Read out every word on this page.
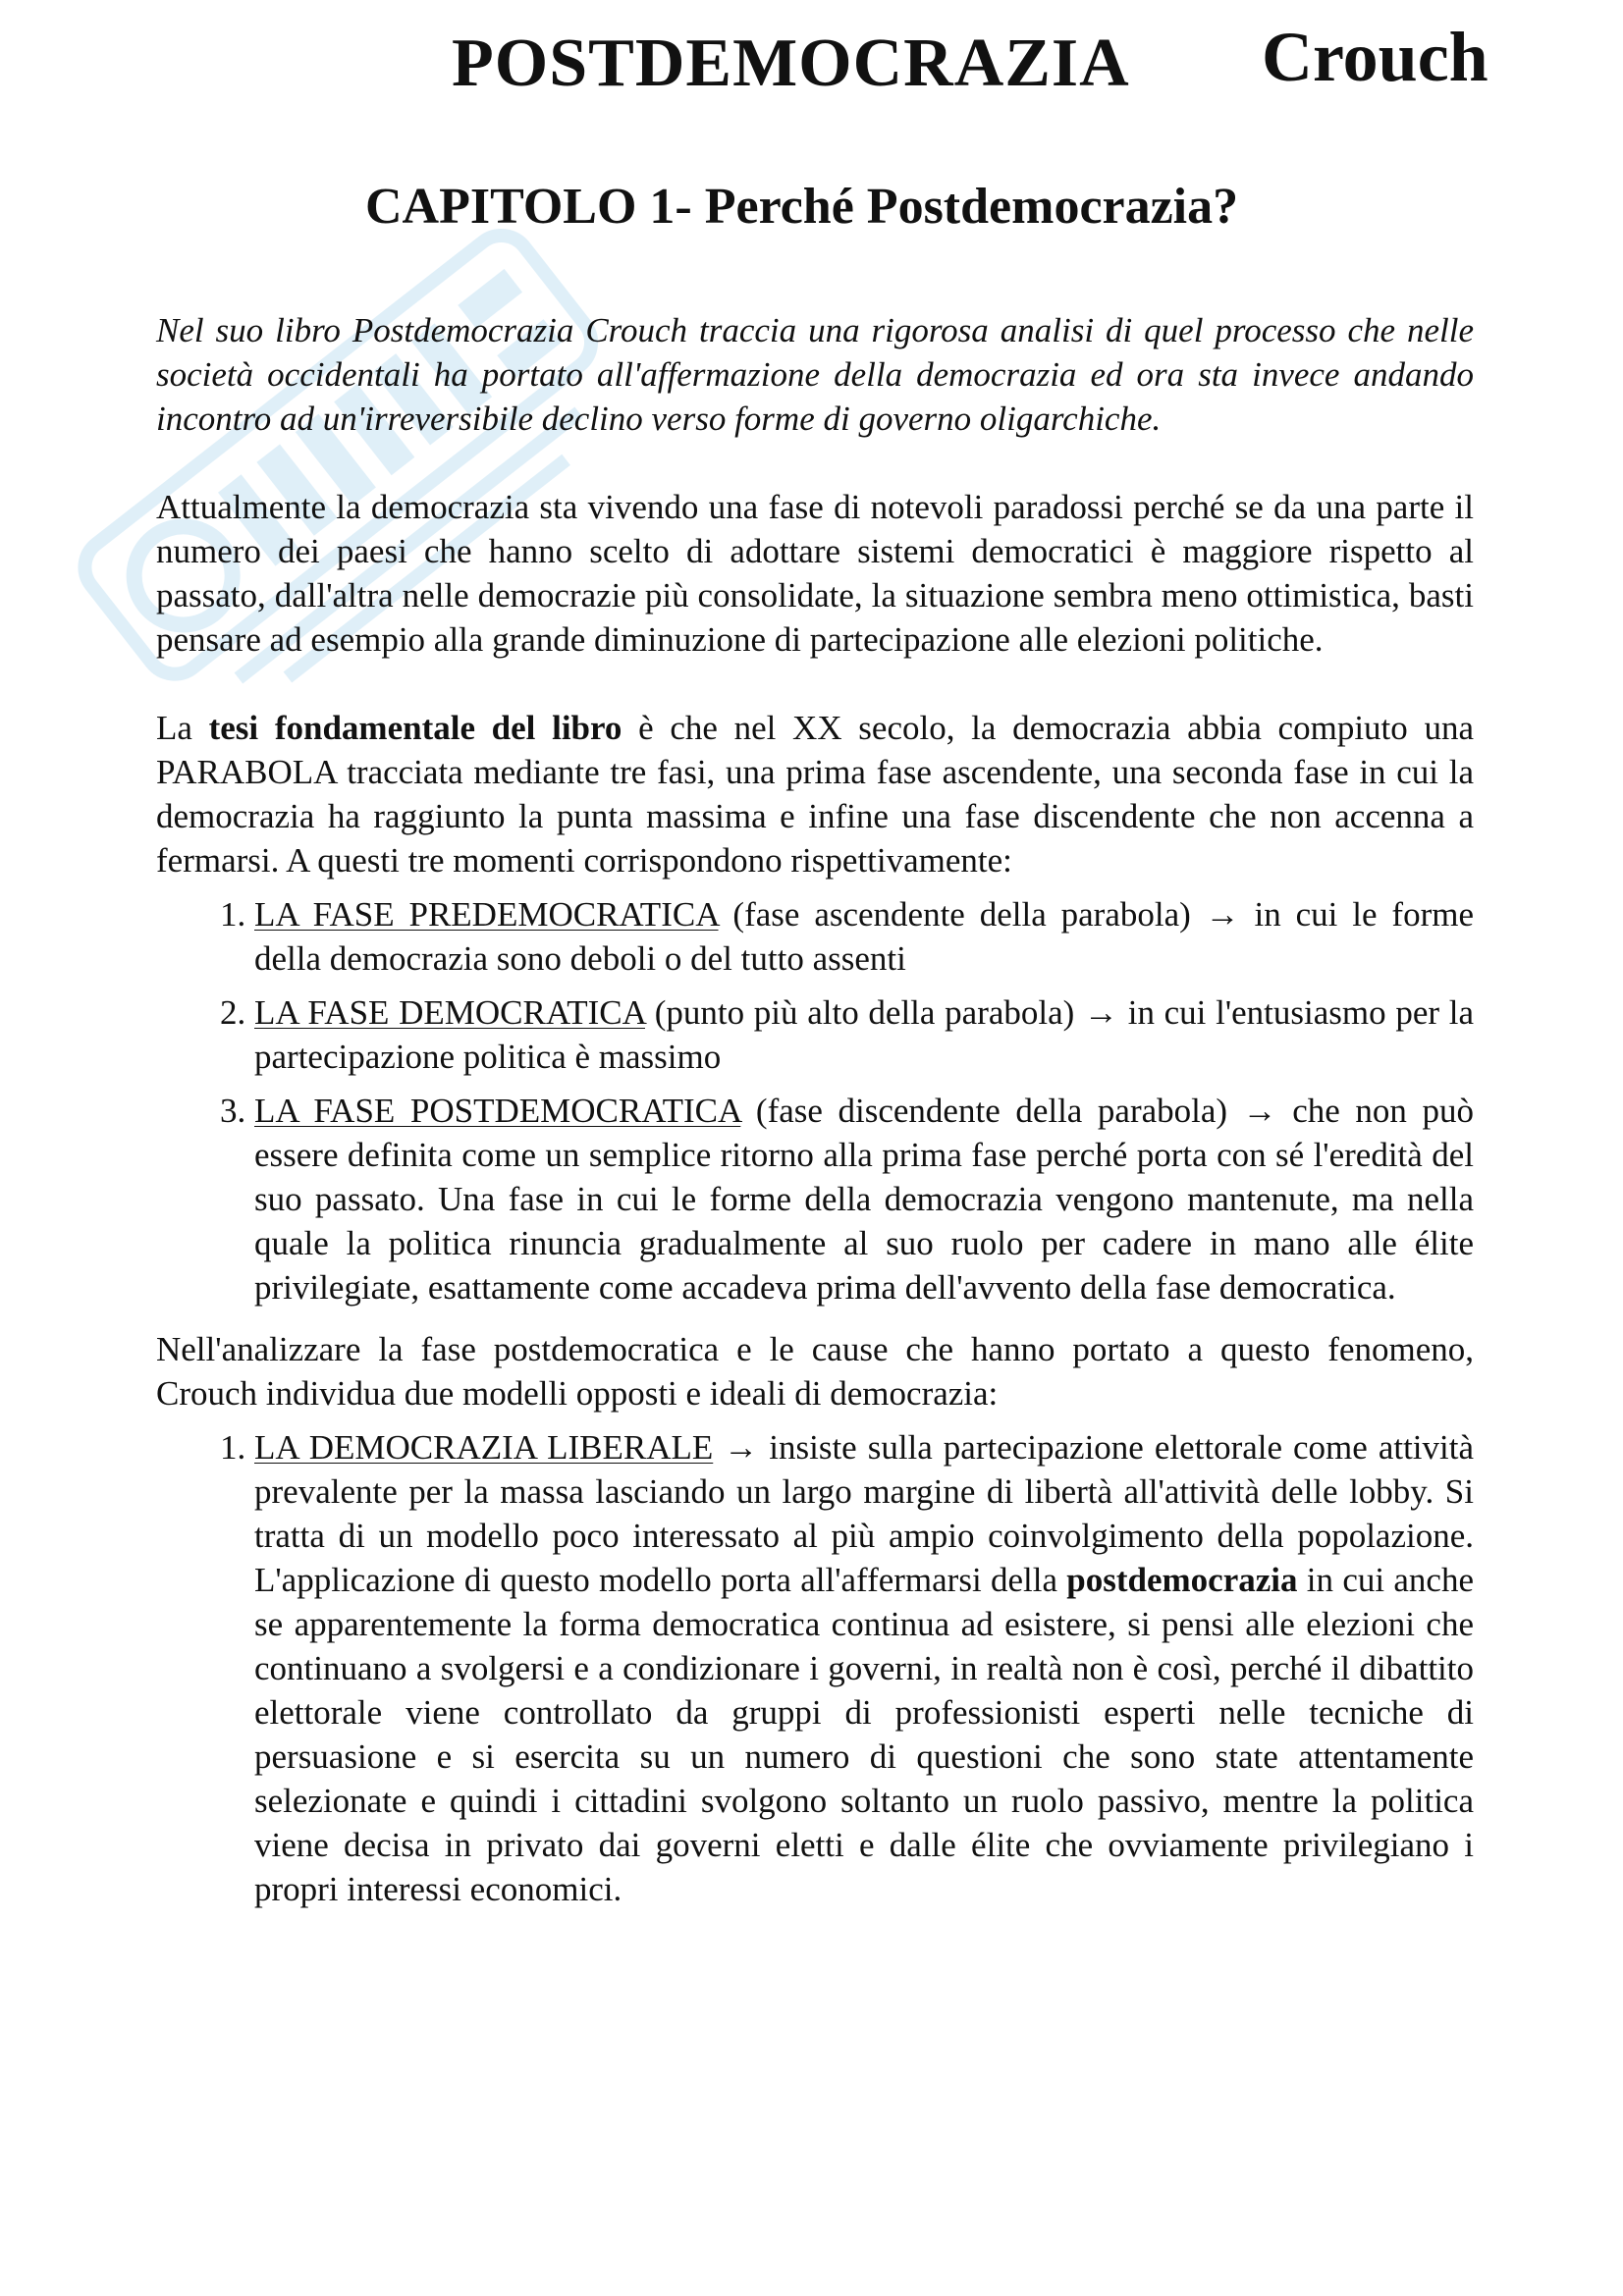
POSTDEMOCRAZIA Crouch
CAPITOLO 1- Perché Postdemocrazia?

Nel suo libro Postdemocrazia Crouch traccia una rigorosa analisi di quel processo che nelle società occidentali ha portato all'affermazione della democrazia ed ora sta invece andando incontro ad un'irreversibile declino verso forme di governo oligarchiche.

Attualmente la democrazia sta vivendo una fase di notevoli paradossi perché se da una parte il numero dei paesi che hanno scelto di adottare sistemi democratici è maggiore rispetto al passato, dall'altra nelle democrazie più consolidate, la situazione sembra meno ottimistica, basti pensare ad esempio alla grande diminuzione di partecipazione alle elezioni politiche.

La tesi fondamentale del libro è che nel XX secolo, la democrazia abbia compiuto una PARABOLA tracciata mediante tre fasi, una prima fase ascendente, una seconda fase in cui la democrazia ha raggiunto la punta massima e infine una fase discendente che non accenna a fermarsi. A questi tre momenti corrispondono rispettivamente:

1. LA FASE PREDEMOCRATICA (fase ascendente della parabola) → in cui le forme della democrazia sono deboli o del tutto assenti
2. LA FASE DEMOCRATICA (punto più alto della parabola) → in cui l'entusiasmo per la partecipazione politica è massimo
3. LA FASE POSTDEMOCRATICA (fase discendente della parabola) → che non può essere definita come un semplice ritorno alla prima fase perché porta con sé l'eredità del suo passato. Una fase in cui le forme della democrazia vengono mantenute, ma nella quale la politica rinuncia gradualmente al suo ruolo per cadere in mano alle élite privilegiate, esattamente come accadeva prima dell'avvento della fase democratica.

Nell'analizzare la fase postdemocratica e le cause che hanno portato a questo fenomeno, Crouch individua due modelli opposti e ideali di democrazia:

1. LA DEMOCRAZIA LIBERALE → insiste sulla partecipazione elettorale come attività prevalente per la massa lasciando un largo margine di libertà all'attività delle lobby. Si tratta di un modello poco interessato al più ampio coinvolgimento della popolazione. L'applicazione di questo modello porta all'affermarsi della postdemocrazia in cui anche se apparentemente la forma democratica continua ad esistere, si pensi alle elezioni che continuano a svolgersi e a condizionare i governi, in realtà non è così, perché il dibattito elettorale viene controllato da gruppi di professionisti esperti nelle tecniche di persuasione e si esercita su un numero di questioni che sono state attentamente selezionate e quindi i cittadini svolgono soltanto un ruolo passivo, mentre la politica viene decisa in privato dai governi eletti e dalle élite che ovviamente privilegiano i propri interessi economici.
